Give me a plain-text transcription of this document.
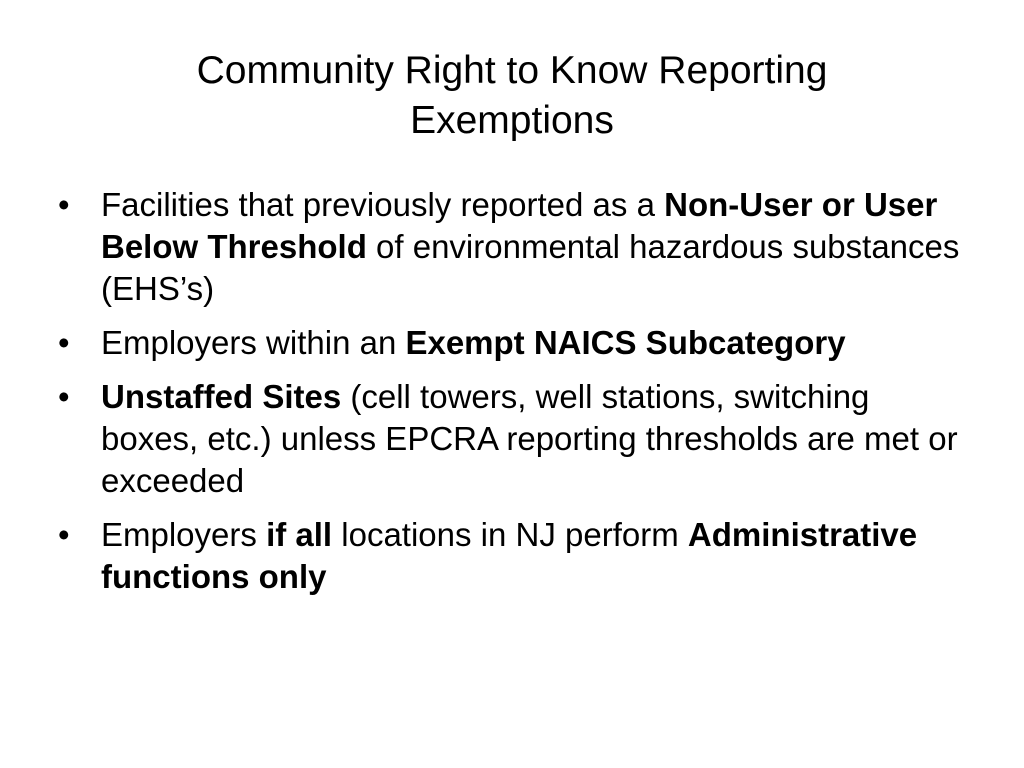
Community Right to Know Reporting
Exemptions
• Facilities that previously reported as a Non-User or User Below Threshold of environmental hazardous substances (EHS’s)
• Employers within an Exempt NAICS Subcategory
• Unstaffed Sites (cell towers, well stations, switching boxes, etc.) unless EPCRA reporting thresholds are met or exceeded
• Employers if all locations in NJ perform Administrative functions only
